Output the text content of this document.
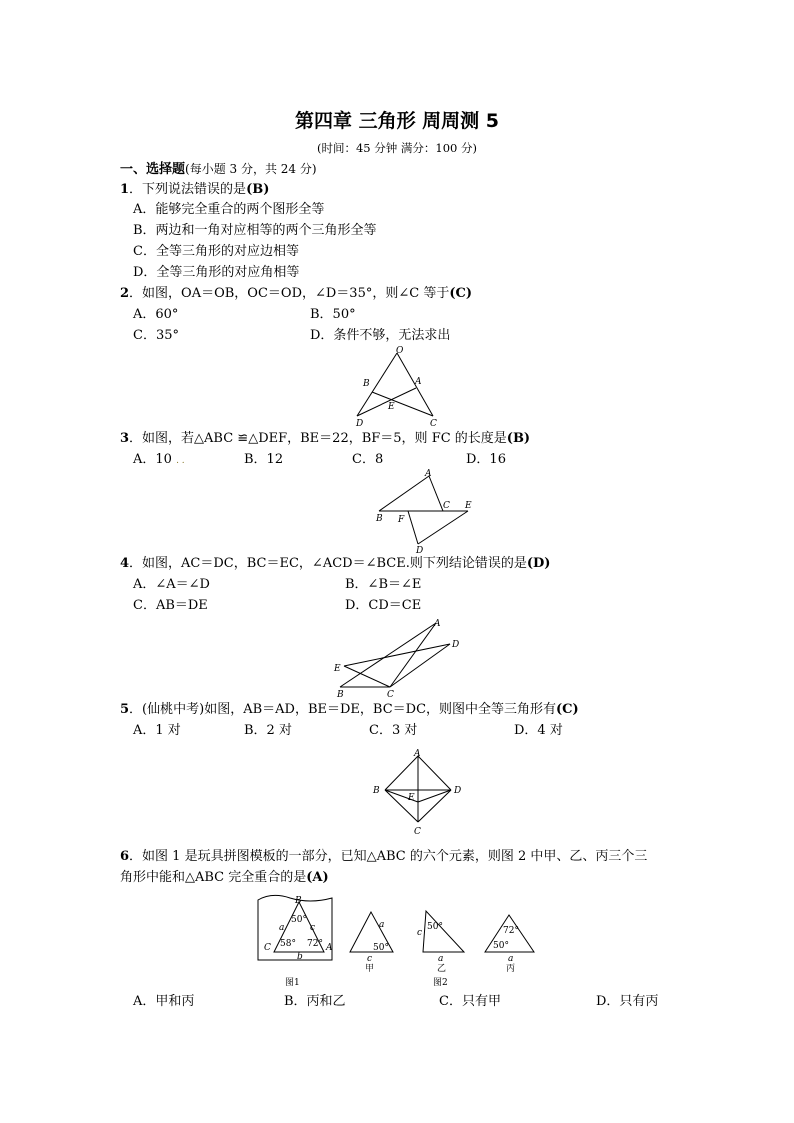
第四章 三角形 周周测 5
(时间：45 分钟 满分：100 分)
一、选择题(每小题 3 分，共 24 分)
1．下列说法错误的是(B)
A．能够完全重合的两个图形全等
B．两边和一角对应相等的两个三角形全等
C．全等三角形的对应边相等
D．全等三角形的对应角相等
2．如图，OA＝OB，OC＝OD，∠D＝35°，则∠C 等于(C)
A．60°	B．50°
C．35°	D．条件不够，无法求出
O
B	A
E
D	C
3．如图，若△ABC ≌△DEF，BE＝22，BF＝5，则 FC 的长度是(B)
A．10 . .	B．12	C．8	D．16
A
C E
B F
D
4．如图，AC＝DC，BC＝EC，∠ACD＝∠BCE.则下列结论错误的是(D)
A．∠A＝∠D	B．∠B＝∠E
C．AB＝DE	D．CD＝CE
A
D
E
B	C
5．(仙桃中考)如图，AB＝AD，BE＝DE，BC＝DC，则图中全等三角形有(C)
A．1 对	B．2 对	C．3 对	D．4 对
A
B
E
D
C
6．如图 1 是玩具拼图模板的一部分，已知△ABC 的六个元素，则图 2 中甲、乙、丙三个三
角形中能和△ABC 完全重合的是(A)
B
a
50°
c
C 58° 72° A
b
图1
a
50°
c
甲
c
50°
a
乙
72°
50°
a
丙
图2
A．甲和丙	B．丙和乙	C．只有甲	D．只有丙
